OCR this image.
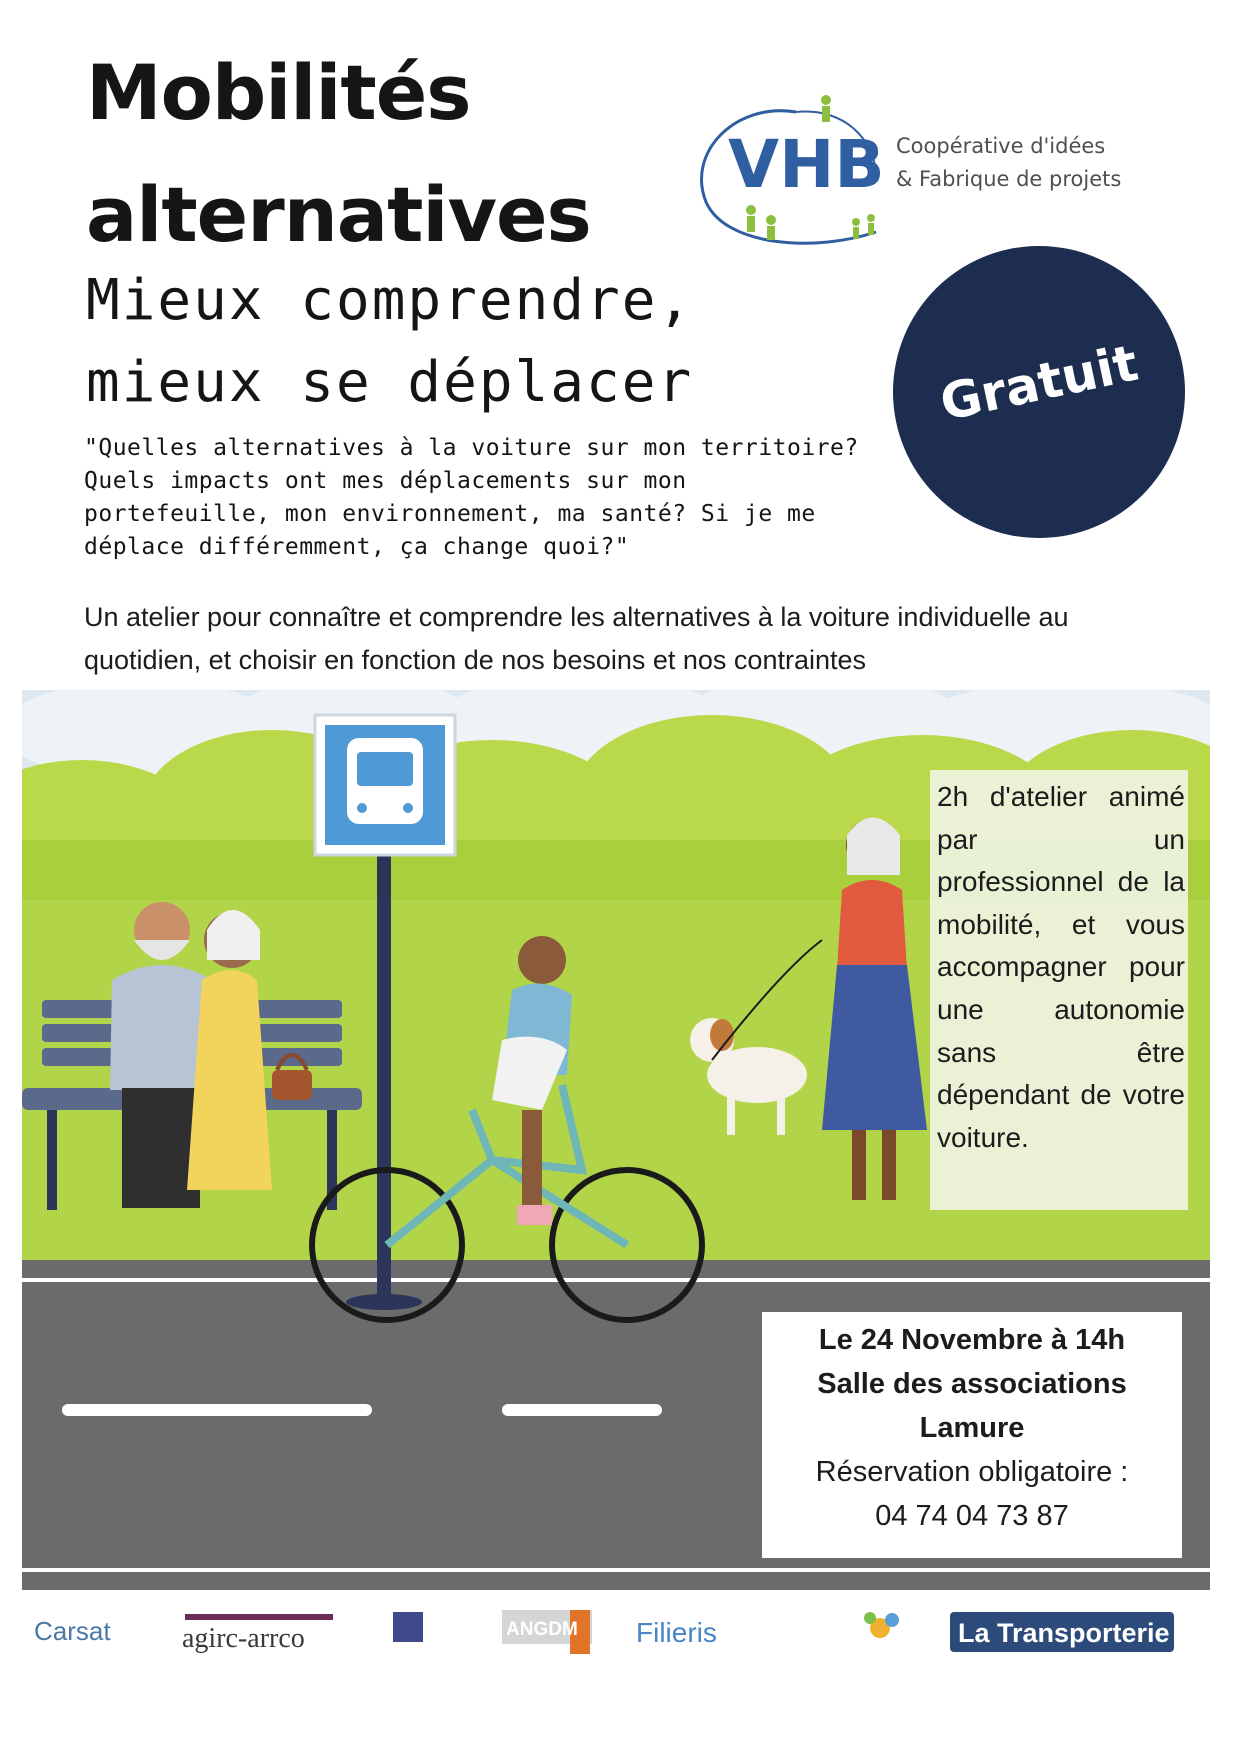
Mobilités
alternatives
Mieux comprendre,
mieux se déplacer
"Quelles alternatives à la voiture sur mon territoire? Quels impacts ont mes déplacements sur mon portefeuille, mon environnement, ma santé? Si je me déplace différemment, ça change quoi?"
VHB Coopérative d'idées
& Fabrique de projets
Gratuit
Un atelier pour connaître et comprendre les alternatives à la voiture individuelle au quotidien, et choisir en fonction de nos besoins et nos contraintes
2h d'atelier animé par un professionnel de la mobilité, et vous accompagner pour une autonomie sans être dépendant de votre voiture.
Le 24 Novembre à 14h
Salle des associations
Lamure
Réservation obligatoire :
04 74 04 73 87
Carsat	agirc-arrco	ANGDM Filieris	La Transporterie
